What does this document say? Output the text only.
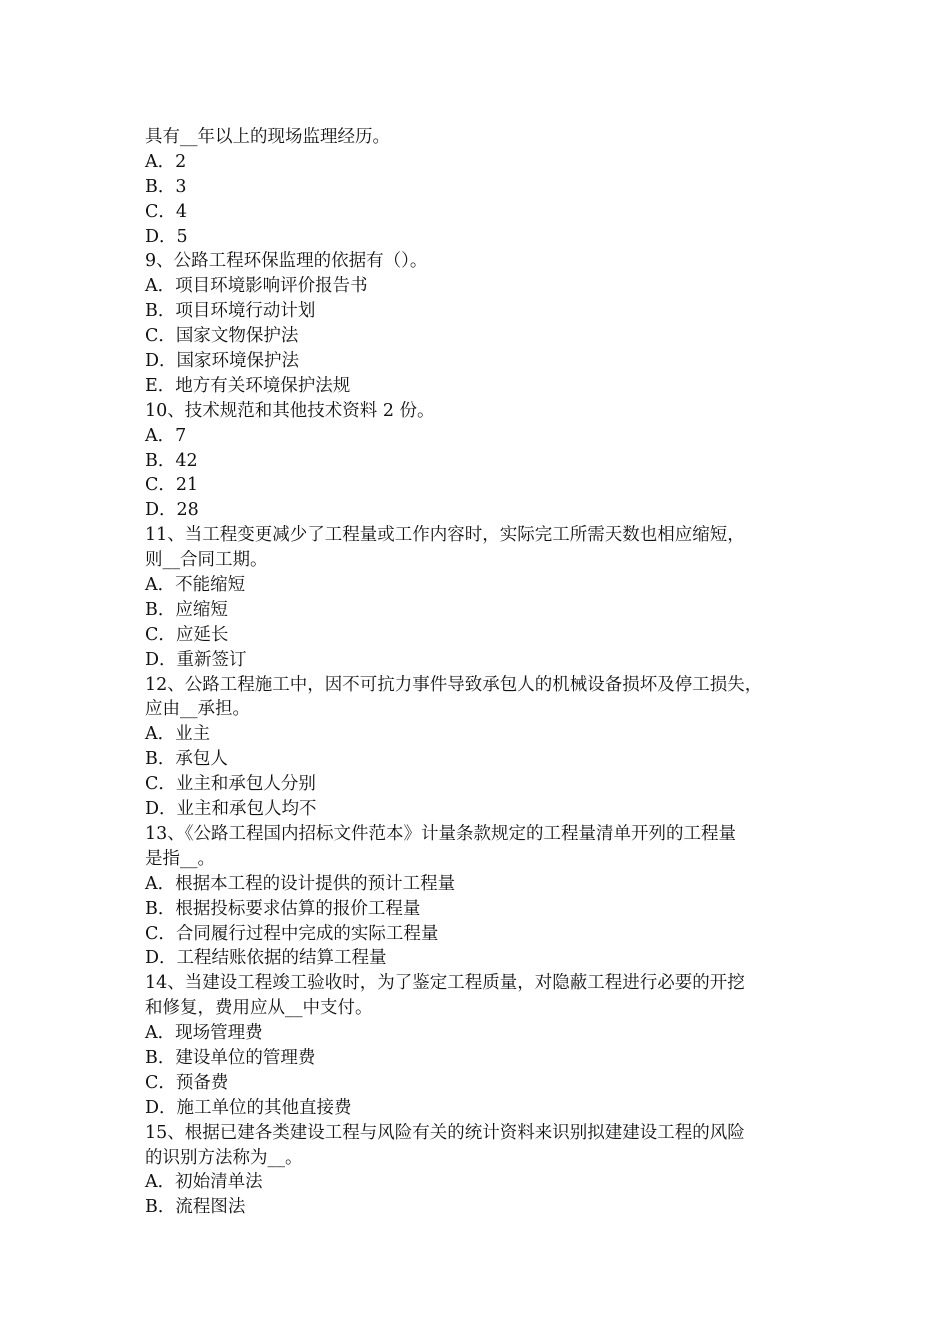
具有__年以上的现场监理经历。
A．2
B．3
C．4
D．5
9、公路工程环保监理的依据有（）。
A．项目环境影响评价报告书
B．项目环境行动计划
C．国家文物保护法
D．国家环境保护法
E．地方有关环境保护法规
10、技术规范和其他技术资料 2 份。
A．7
B．42
C．21
D．28
11、当工程变更减少了工程量或工作内容时，实际完工所需天数也相应缩短，
则__合同工期。
A．不能缩短
B．应缩短
C．应延长
D．重新签订
12、公路工程施工中，因不可抗力事件导致承包人的机械设备损坏及停工损失，
应由__承担。
A．业主
B．承包人
C．业主和承包人分别
D．业主和承包人均不
13、《公路工程国内招标文件范本》计量条款规定的工程量清单开列的工程量
是指__。
A．根据本工程的设计提供的预计工程量
B．根据投标要求估算的报价工程量
C．合同履行过程中完成的实际工程量
D．工程结账依据的结算工程量
14、当建设工程竣工验收时，为了鉴定工程质量，对隐蔽工程进行必要的开挖
和修复，费用应从__中支付。
A．现场管理费
B．建设单位的管理费
C．预备费
D．施工单位的其他直接费
15、根据已建各类建设工程与风险有关的统计资料来识别拟建建设工程的风险
的识别方法称为__。
A．初始清单法
B．流程图法
